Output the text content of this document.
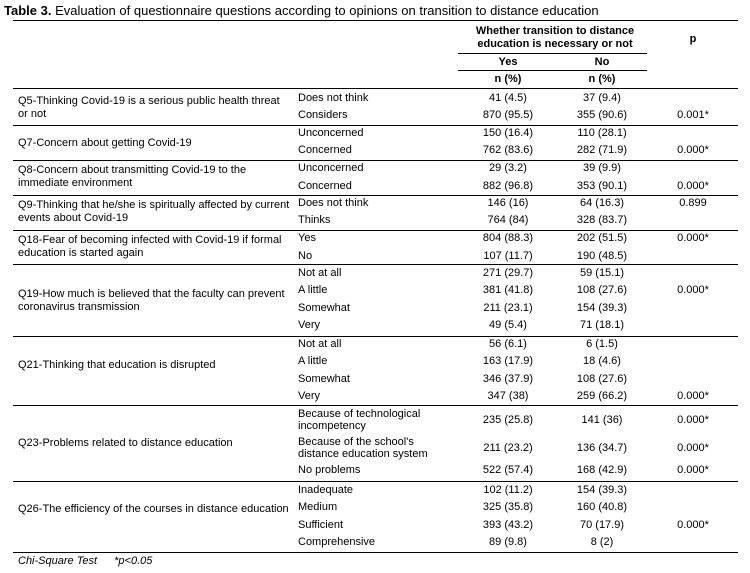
Table 3. Evaluation of questionnaire questions according to opinions on transition to distance education
Whether transition to distance education is necessary or not	p
Yes	No
n (%)	n (%)
Q5-Thinking Covid-19 is a serious public health threat or not
Does not think	41 (4.5)	37 (9.4)
Considers	870 (95.5)	355 (90.6)	0.001*
Q7-Concern about getting Covid-19
Unconcerned	150 (16.4)	110 (28.1)
Concerned	762 (83.6)	282 (71.9)	0.000*
Q8-Concern about transmitting Covid-19 to the immediate environment
Unconcerned	29 (3.2)	39 (9.9)
Concerned	882 (96.8)	353 (90.1)	0.000*
Q9-Thinking that he/she is spiritually affected by current events about Covid-19
Does not think	146 (16)	64 (16.3)	0.899
Thinks	764 (84)	328 (83.7)
Q18-Fear of becoming infected with Covid-19 if formal education is started again
Yes	804 (88.3)	202 (51.5)	0.000*
No	107 (11.7)	190 (48.5)
Q19-How much is believed that the faculty can prevent coronavirus transmission
Not at all	271 (29.7)	59 (15.1)
A little	381 (41.8)	108 (27.6)	0.000*
Somewhat	211 (23.1)	154 (39.3)
Very	49 (5.4)	71 (18.1)
Q21-Thinking that education is disrupted
Not at all	56 (6.1)	6 (1.5)
A little	163 (17.9)	18 (4.6)
Somewhat	346 (37.9)	108 (27.6)
Very	347 (38)	259 (66.2)	0.000*
Q23-Problems related to distance education
Because of technological incompetency	235 (25.8)	141 (36)	0.000*
Because of the school's distance education system	211 (23.2)	136 (34.7)	0.000*
No problems	522 (57.4)	168 (42.9)	0.000*
Q26-The efficiency of the courses in distance education
Inadequate	102 (11.2)	154 (39.3)
Medium	325 (35.8)	160 (40.8)
Sufficient	393 (43.2)	70 (17.9)	0.000*
Comprehensive	89 (9.8)	8 (2)
Chi-Square Test *p<0.05
